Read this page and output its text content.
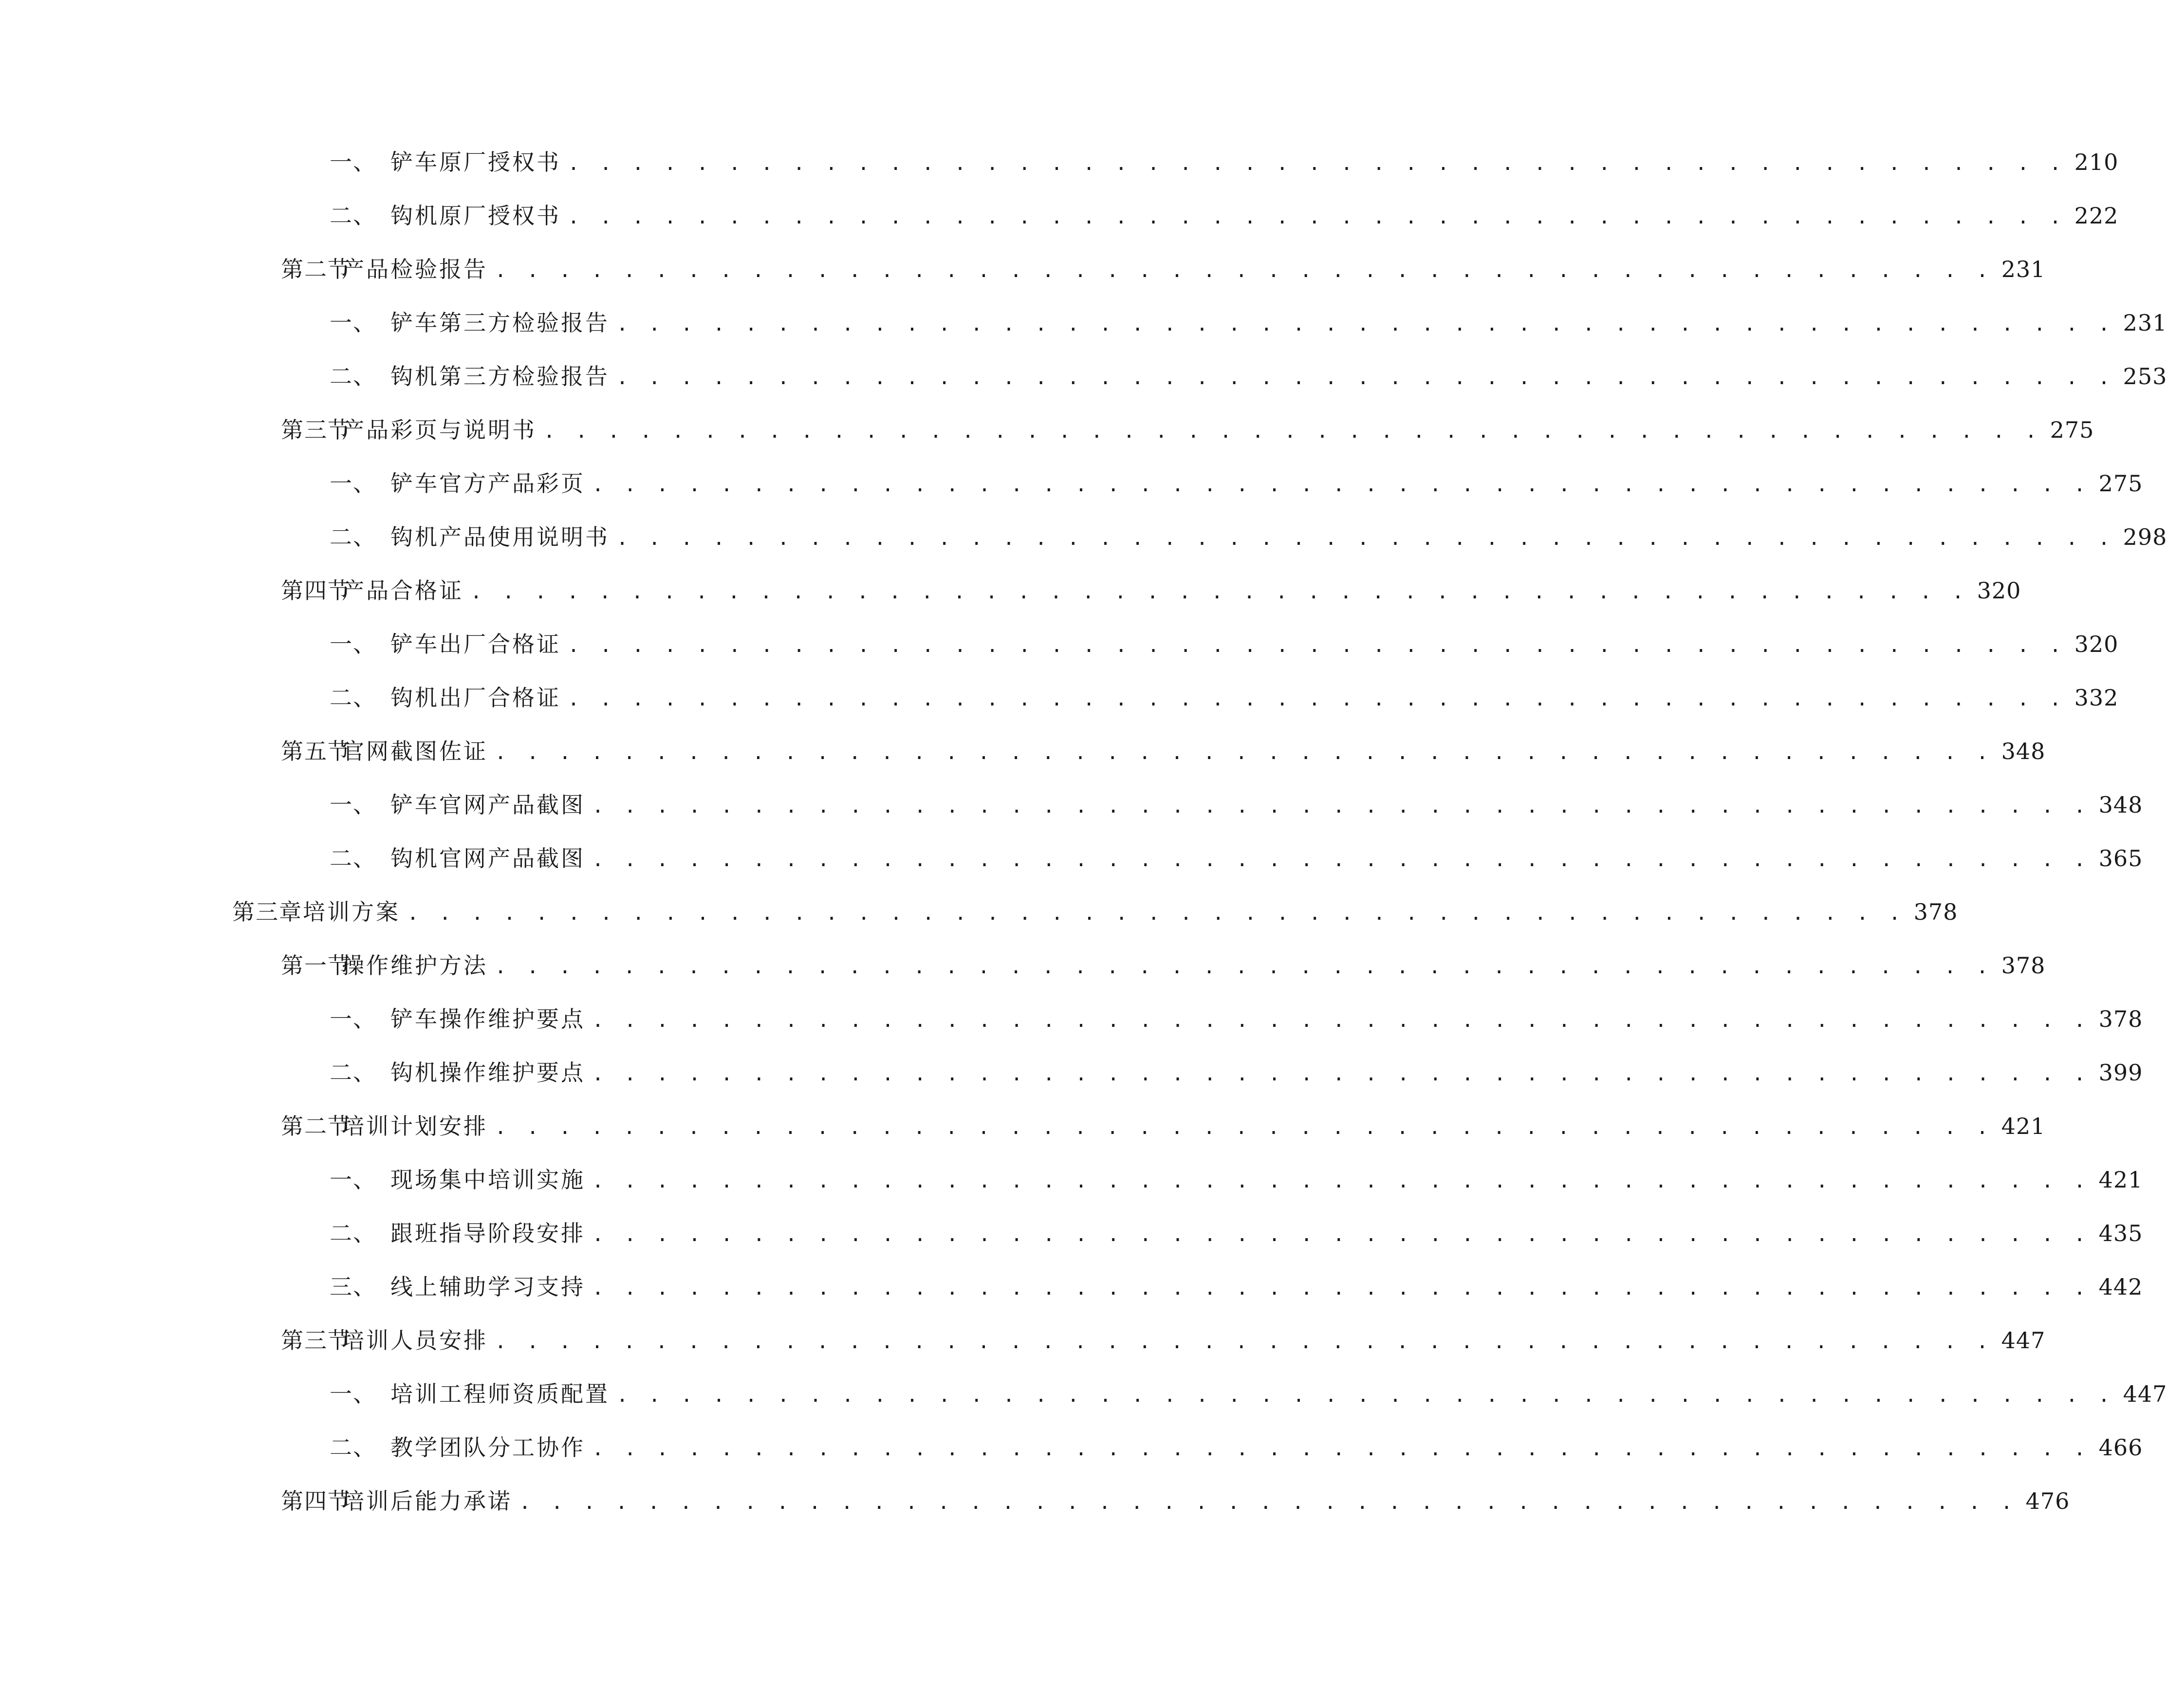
一、 铲车原厂授权书 . . . . . . . . . . . . . . . . . . . . . . . . . . . . . . . . . . . . . . . . . . . . . . . 210
二、 钩机原厂授权书 . . . . . . . . . . . . . . . . . . . . . . . . . . . . . . . . . . . . . . . . . . . . . . . 222
第二节
产品检验报告 . . . . . . . . . . . . . . . . . . . . . . . . . . . . . . . . . . . . . . . . . . . . . . . 231
一、 铲车第三方检验报告 . . . . . . . . . . . . . . . . . . . . . . . . . . . . . . . . . . . . . . . . . . . . . . . 231
二、 钩机第三方检验报告 . . . . . . . . . . . . . . . . . . . . . . . . . . . . . . . . . . . . . . . . . . . . . . . 253
第三节
产品彩页与说明书 . . . . . . . . . . . . . . . . . . . . . . . . . . . . . . . . . . . . . . . . . . . . . . . 275
一、 铲车官方产品彩页 . . . . . . . . . . . . . . . . . . . . . . . . . . . . . . . . . . . . . . . . . . . . . . . 275
二、 钩机产品使用说明书 . . . . . . . . . . . . . . . . . . . . . . . . . . . . . . . . . . . . . . . . . . . . . . . 298
第四节
产品合格证 . . . . . . . . . . . . . . . . . . . . . . . . . . . . . . . . . . . . . . . . . . . . . . . 320
一、 铲车出厂合格证 . . . . . . . . . . . . . . . . . . . . . . . . . . . . . . . . . . . . . . . . . . . . . . . 320
二、 钩机出厂合格证 . . . . . . . . . . . . . . . . . . . . . . . . . . . . . . . . . . . . . . . . . . . . . . . 332
第五节
官网截图佐证 . . . . . . . . . . . . . . . . . . . . . . . . . . . . . . . . . . . . . . . . . . . . . . . 348
一、 铲车官网产品截图 . . . . . . . . . . . . . . . . . . . . . . . . . . . . . . . . . . . . . . . . . . . . . . . 348
二、 钩机官网产品截图 . . . . . . . . . . . . . . . . . . . . . . . . . . . . . . . . . . . . . . . . . . . . . . . 365
第三章 培训方案 . . . . . . . . . . . . . . . . . . . . . . . . . . . . . . . . . . . . . . . . . . . . . . . 378
第一节
操作维护方法 . . . . . . . . . . . . . . . . . . . . . . . . . . . . . . . . . . . . . . . . . . . . . . . 378
一、 铲车操作维护要点 . . . . . . . . . . . . . . . . . . . . . . . . . . . . . . . . . . . . . . . . . . . . . . . 378
二、 钩机操作维护要点 . . . . . . . . . . . . . . . . . . . . . . . . . . . . . . . . . . . . . . . . . . . . . . . 399
第二节
培训计划安排 . . . . . . . . . . . . . . . . . . . . . . . . . . . . . . . . . . . . . . . . . . . . . . . 421
一、 现场集中培训实施 . . . . . . . . . . . . . . . . . . . . . . . . . . . . . . . . . . . . . . . . . . . . . . . 421
二、 跟班指导阶段安排 . . . . . . . . . . . . . . . . . . . . . . . . . . . . . . . . . . . . . . . . . . . . . . . 435
三、 线上辅助学习支持 . . . . . . . . . . . . . . . . . . . . . . . . . . . . . . . . . . . . . . . . . . . . . . . 442
第三节
培训人员安排 . . . . . . . . . . . . . . . . . . . . . . . . . . . . . . . . . . . . . . . . . . . . . . . 447
一、 培训工程师资质配置 . . . . . . . . . . . . . . . . . . . . . . . . . . . . . . . . . . . . . . . . . . . . . . . 447
二、 教学团队分工协作 . . . . . . . . . . . . . . . . . . . . . . . . . . . . . . . . . . . . . . . . . . . . . . . 466
第四节
培训后能力承诺 . . . . . . . . . . . . . . . . . . . . . . . . . . . . . . . . . . . . . . . . . . . . . . . 476
